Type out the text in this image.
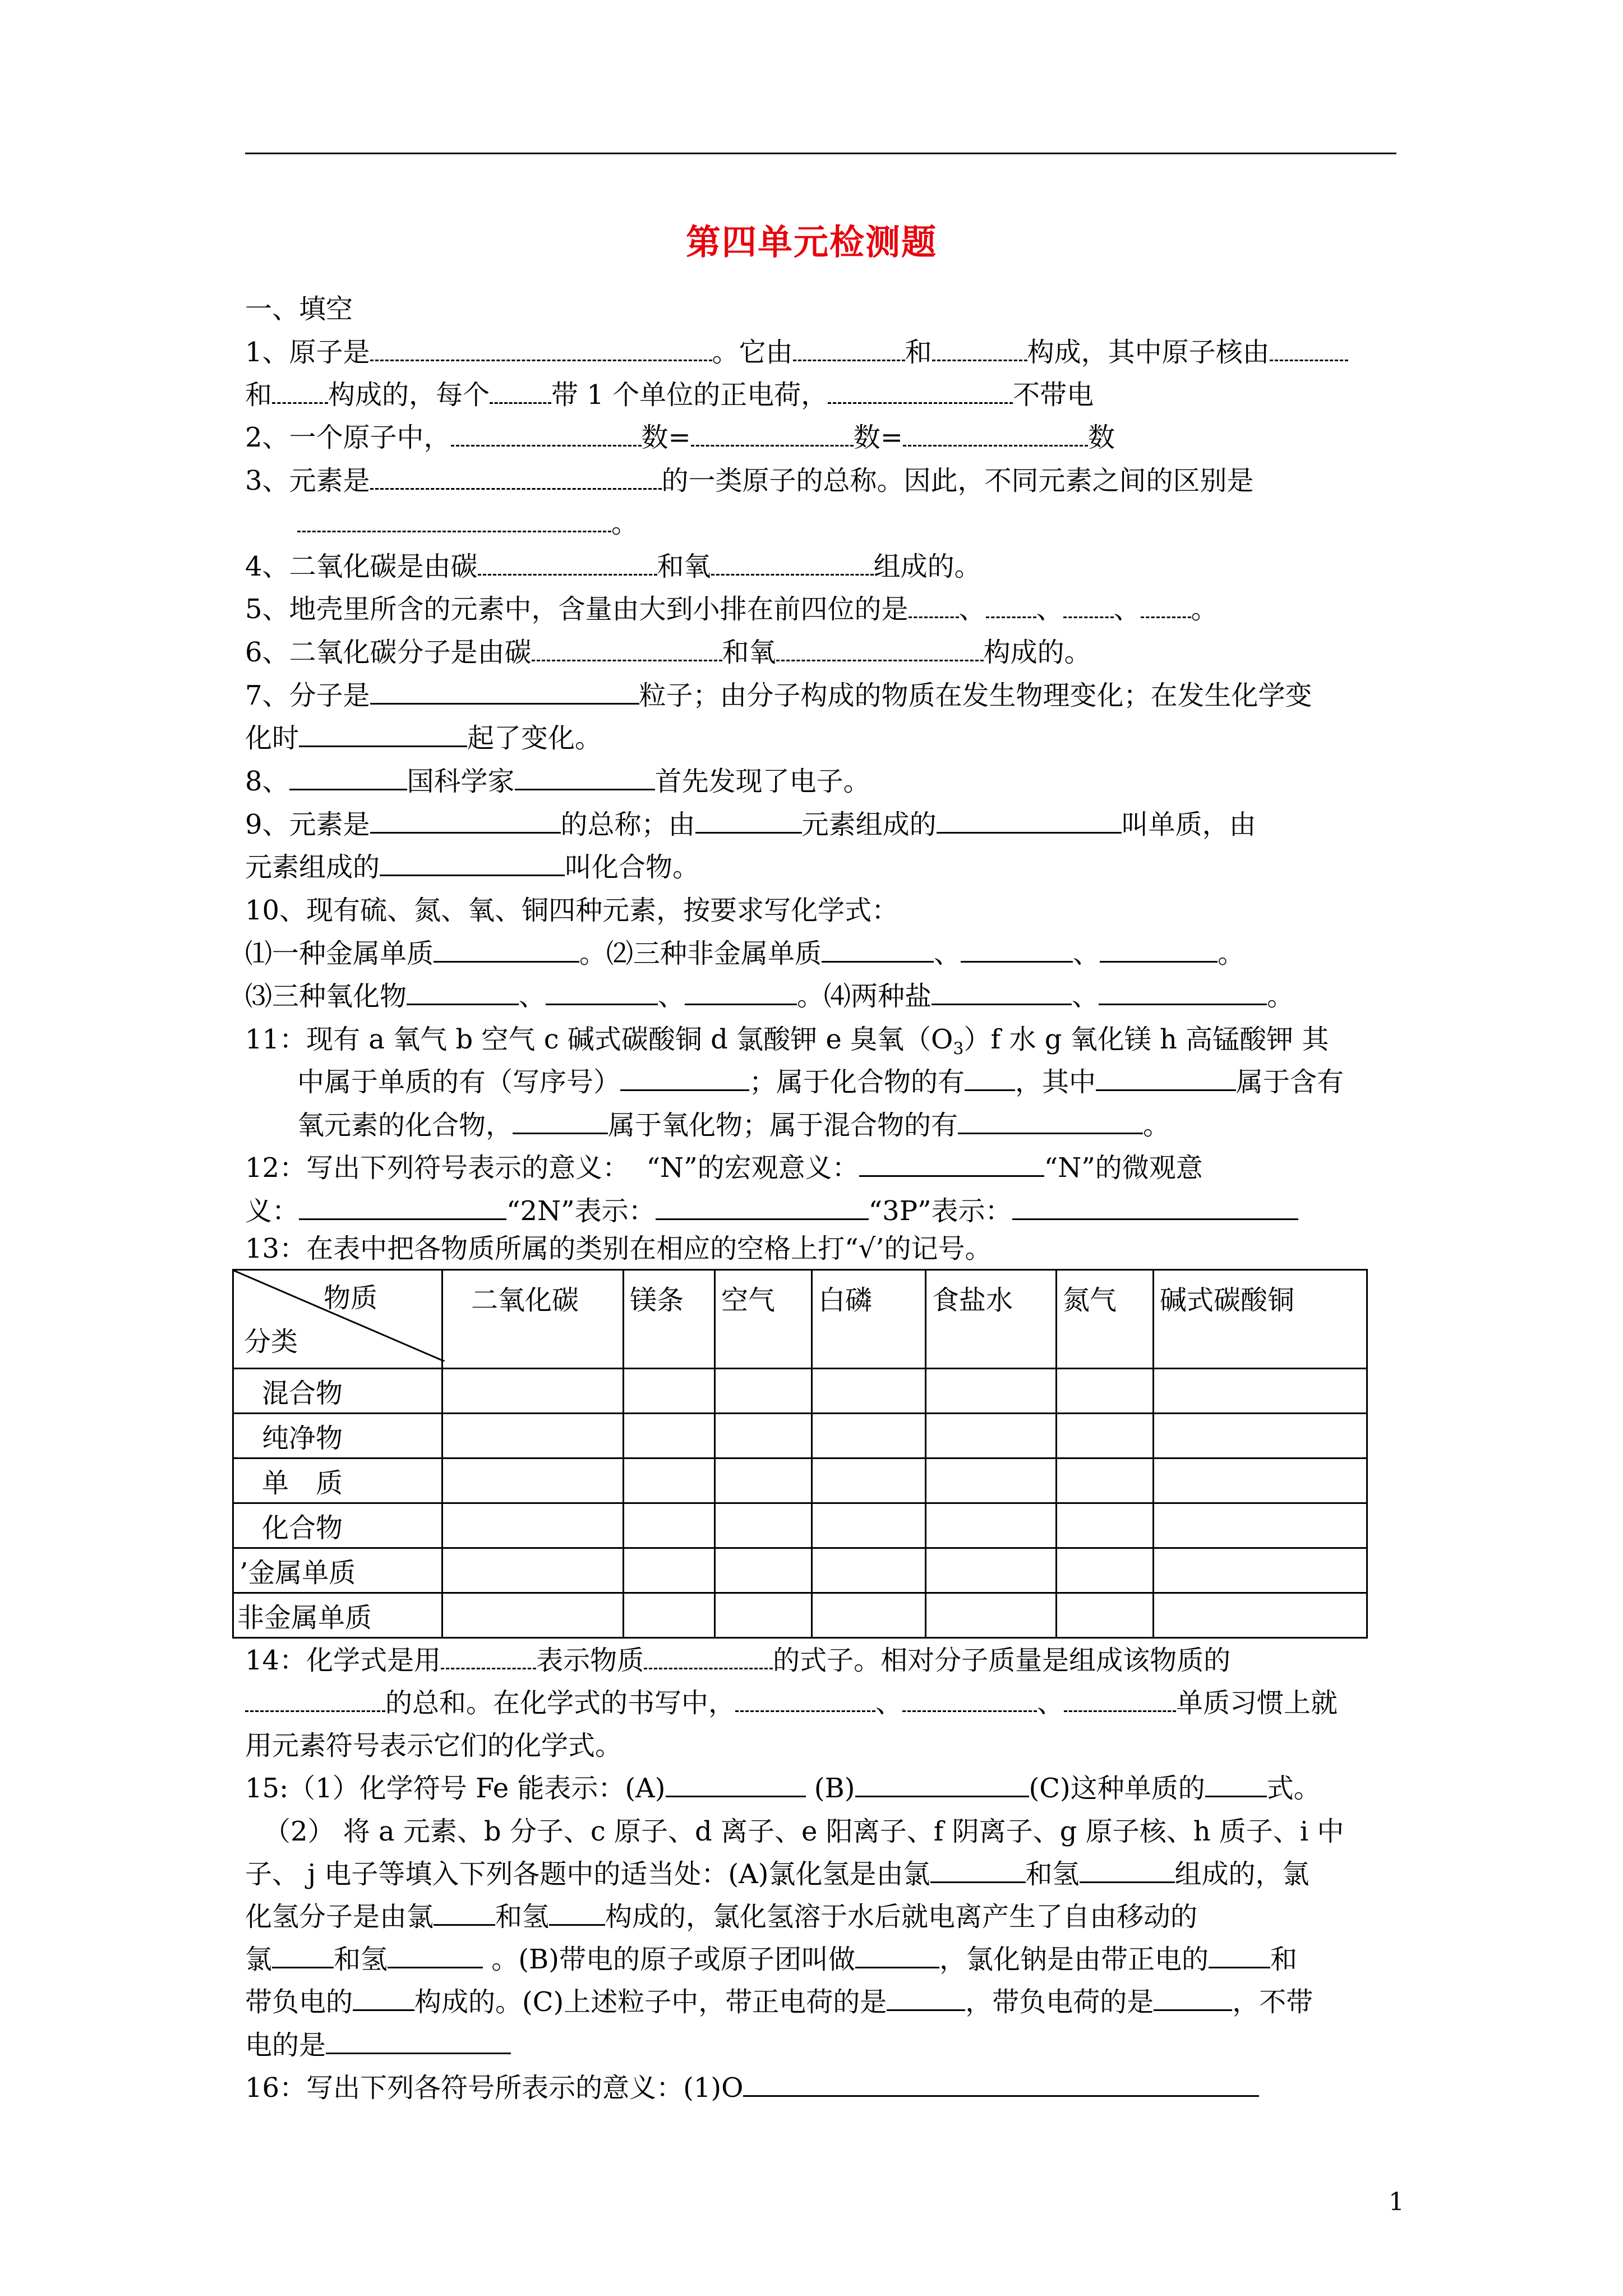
第四单元检测题
一、填空
1、原子是	。它由	和	构成，其中原子核由
和 构成的，每个 带 1 个单位的正电荷，	不带电
2、一个原子中，	数=	数=	数
3、元素是	的一类原子的总称。因此，不同元素之间的区别是
。
4、二氧化碳是由碳	和氧	组成的。
5、地壳里所含的元素中，含量由大到小排在前四位的是 、 、 、 。
6、二氧化碳分子是由碳	和氧	构成的。
7、分子是	粒子；由分子构成的物质在发生物理变化；在发生化学变
化时	起了变化。
8、	国科学家	首先发现了电子。
9、元素是	的总称；由	元素组成的	叫单质，由
元素组成的	叫化合物。
10、现有硫、氮、氧、铜四种元素，按要求写化学式：
⑴一种金属单质	。⑵三种非金属单质	、	、	。
⑶三种氧化物	、	、	。⑷两种盐	、	。
11：现有 a 氧气 b 空气 c 碱式碳酸铜 d 氯酸钾 e 臭氧$(O_3)f$ 水 g 氧化镁 h 高锰酸钾 其
中属于单质的有（写序号）	；属于化合物的有 ，其中	属于含有
氧元素的化合物，	属于氧化物；属于混合物的有	。
12：写出下列符号表示的意义：  “N”的宏观意义：	“N”的微观意
义：	“2N”表示：	“3P”表示：
13：在表中把各物质所属的类别在相应的空格上打“√’的记号。
物质
分类	二氧化碳	镁条	空气	白磷	食盐水	氮气	碱式碳酸铜
混合物							
纯净物							
单　质							
化合物							
’金属单质							
非金属单质							
14：化学式是用	表示物质	的式子。相对分子质量是组成该物质的
的总和。在化学式的书写中，	、	、	单质习惯上就
用元素符号表示它们的化学式。
15:（1）化学符号 Fe 能表示：(A)	(B)	(C)这种单质的 式。
（2） 将 a 元素、b 分子、c 原子、d 离子、e 阳离子、f 阴离子、g 原子核、h 质子、i 中
子、 j 电子等填入下列各题中的适当处：(A)氯化氢是由氯	和氢	组成的，氯
化氢分子是由氯 和氢 构成的，氯化氢溶于水后就电离产生了自由移动的
氯 和氢	。(B)带电的原子或原子团叫做	，氯化钠是由带正电的 和
带负电的 构成的。(C)上述粒子中，带正电荷的是	，带负电荷的是	，不带
电的是
16：写出下列各符号所表示的意义：(1)O
1
